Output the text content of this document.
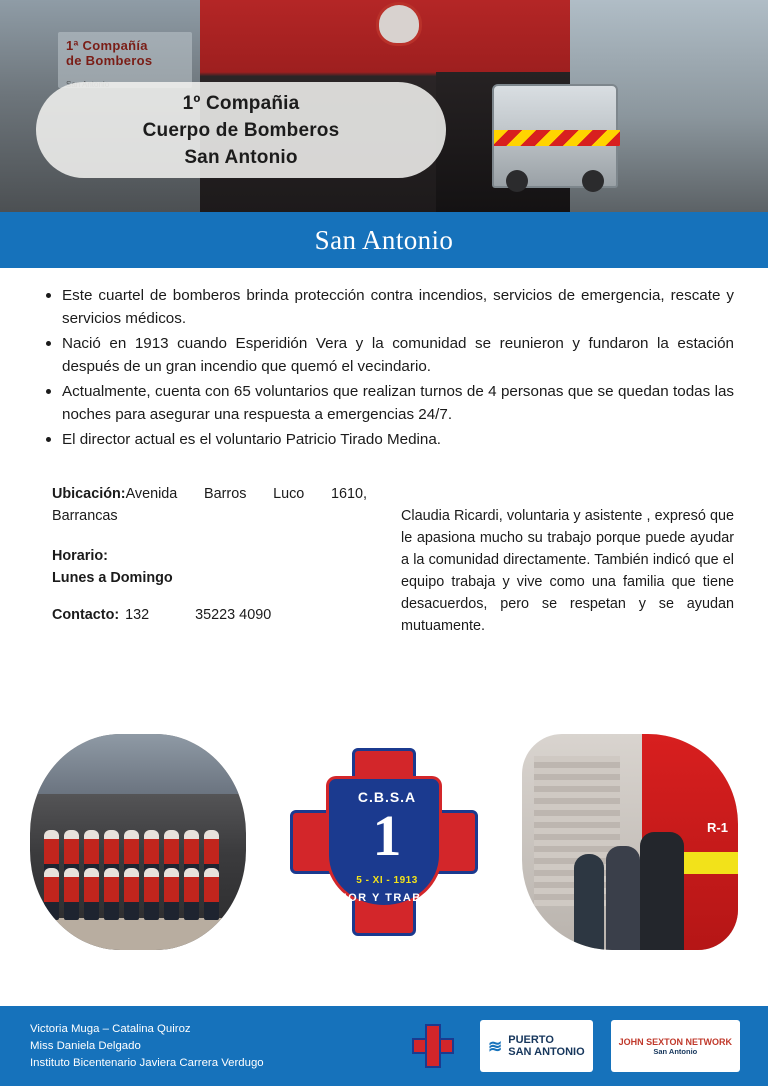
1ª Compañía
de Bomberos
1º Compañia
Cuerpo de Bomberos
San Antonio
San Antonio
Este cuartel de bomberos brinda protección contra incendios, servicios de emergencia, rescate y servicios médicos.
Nació en 1913 cuando Esperidión Vera y la comunidad se reunieron y fundaron la estación después de un gran incendio que quemó el vecindario.
Actualmente, cuenta con 65 voluntarios que realizan turnos de 4 personas que se quedan todas las noches para asegurar una respuesta a emergencias 24/7.
El director actual es el voluntario Patricio Tirado Medina.
Ubicación:Avenida Barros Luco 1610, Barrancas
Horario:
Lunes a Domingo
Contacto: 132	35223 4090

Claudia Ricardi, voluntaria y asistente , expresó que le apasiona mucho su trabajo porque puede ayudar a la comunidad directamente. También indicó que el equipo trabaja y vive como una familia que tiene desacuerdos, pero se respetan y se ayudan mutuamente.

C.B.S.A
1
5 - XI - 1913
HONOR Y TRABAJO
R-1
Victoria Muga – Catalina Quiroz
Miss Daniela Delgado
Instituto Bicentenario Javiera Carrera Verdugo
≋ PUERTO
SAN ANTONIO
JOHN SEXTON NETWORK
San Antonio
